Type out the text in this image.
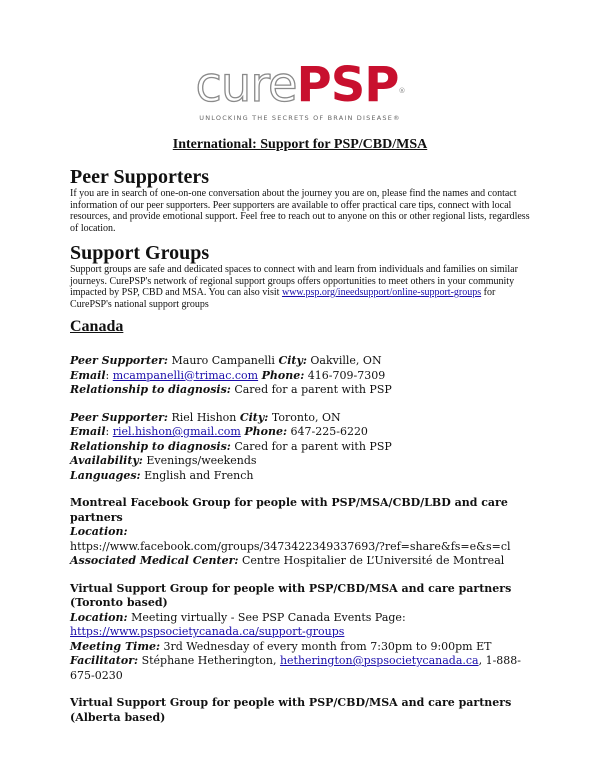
curePSP®
UNLOCKING THE SECRETS OF BRAIN DISEASE®
International: Support for PSP/CBD/MSA
Peer Supporters

If you are in search of one-on-one conversation about the journey you are on, please find the names and contact information of our peer supporters. Peer supporters are available to offer practical care tips, connect with local resources, and provide emotional support. Feel free to reach out to anyone on this or other regional lists, regardless of location.

Support Groups

Support groups are safe and dedicated spaces to connect with and learn from individuals and families on similar journeys. CurePSP's network of regional support groups offers opportunities to meet others in your community impacted by PSP, CBD and MSA. You can also visit www.psp.org/ineedsupport/online-support-groups for CurePSP's national support groups

Canada

Peer Supporter: Mauro Campanelli City: Oakville, ON

Email: mcampanelli@trimac.com Phone: 416-709-7309

Relationship to diagnosis: Cared for a parent with PSP

Peer Supporter: Riel Hishon City: Toronto, ON

Email: riel.hishon@gmail.com Phone: 647-225-6220

Relationship to diagnosis: Cared for a parent with PSP

Availability: Evenings/weekends

Languages: English and French

Montreal Facebook Group for people with PSP/MSA/CBD/LBD and care partners

Location:

https://www.facebook.com/groups/3473422349337693/?ref=share&fs=e&s=cl

Associated Medical Center: Centre Hospitalier de L’Université de Montreal

Virtual Support Group for people with PSP/CBD/MSA and care partners (Toronto based)

Location: Meeting virtually - See PSP Canada Events Page:

https://www.pspsocietycanada.ca/support-groups

Meeting Time: 3rd Wednesday of every month from 7:30pm to 9:00pm ET

Facilitator: Stéphane Hetherington, hetherington@pspsocietycanada.ca, 1-888-675-0230

Virtual Support Group for people with PSP/CBD/MSA and care partners (Alberta based)
